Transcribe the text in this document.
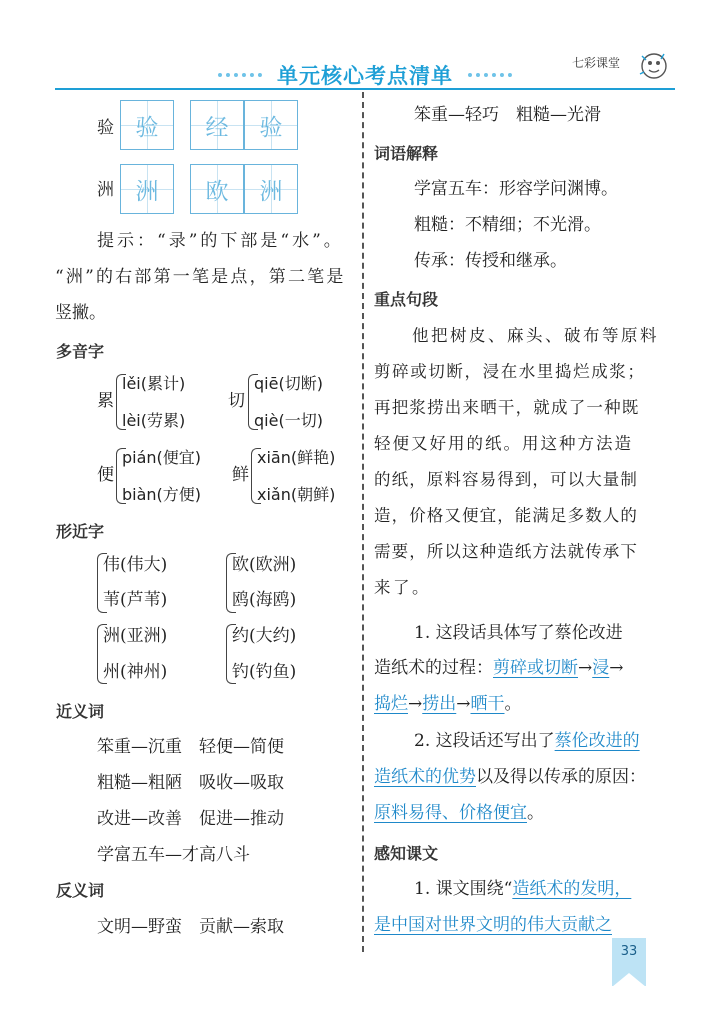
单元核心考点清单
七彩课堂
验 验	经	验
洲 洲	欧	洲
提示：“录”的下部是“水”。
“洲”的右部第一笔是点，第二笔是
竖撇。
多音字
累
lěi(累计)
lèi(劳累)
切
qiē(切断)
qiè(一切)
便
pián(便宜)
biàn(方便)
鲜
xiān(鲜艳)
xiǎn(朝鲜)
形近字
伟(伟大)
苇(芦苇)
欧(欧洲)
鸥(海鸥)
洲(亚洲)
州(神州)
约(大约)
钓(钓鱼)
近义词
笨重—沉重　轻便—简便
粗糙—粗陋　吸收—吸取
改进—改善　促进—推动
学富五车—才高八斗
反义词
文明—野蛮　贡献—索取
笨重—轻巧　粗糙—光滑
词语解释
学富五车：形容学问渊博。
粗糙：不精细；不光滑。
传承：传授和继承。
重点句段
他把树皮、麻头、破布等原料
剪碎或切断，浸在水里捣烂成浆；
再把浆捞出来晒干，就成了一种既
轻便又好用的纸。用这种方法造
的纸，原料容易得到，可以大量制
造，价格又便宜，能满足多数人的
需要，所以这种造纸方法就传承下
来了。
1. 这段话具体写了蔡伦改进
造纸术的过程：剪碎或切断→浸→
捣烂→捞出→晒干。
2. 这段话还写出了蔡伦改进的
造纸术的优势以及得以传承的原因：
原料易得、价格便宜。
感知课文
1. 课文围绕“造纸术的发明，
是中国对世界文明的伟大贡献之
33
